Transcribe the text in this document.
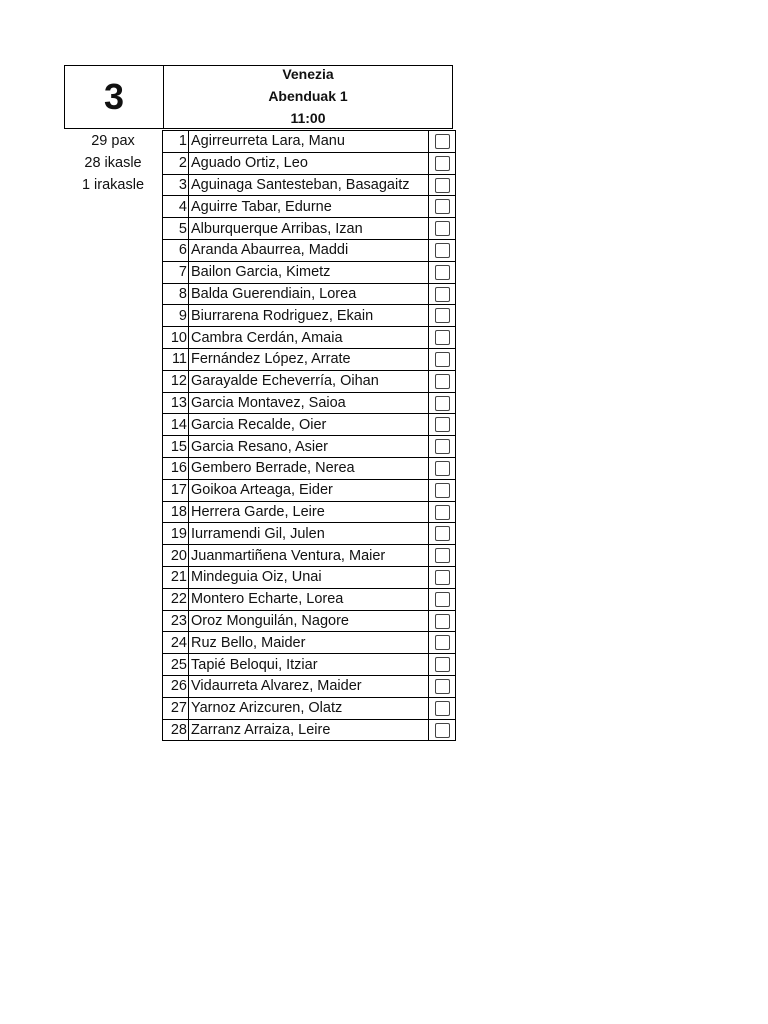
3
Venezia
Abenduak 1
11:00
29 pax
28 ikasle
1 irakasle
1	Agirreurreta Lara, Manu	
2	Aguado Ortiz, Leo	
3	Aguinaga Santesteban, Basagaitz	
4	Aguirre Tabar, Edurne	
5	Alburquerque Arribas, Izan	
6	Aranda Abaurrea, Maddi	
7	Bailon Garcia, Kimetz	
8	Balda Guerendiain, Lorea	
9	Biurrarena Rodriguez, Ekain	
10	Cambra Cerdán, Amaia	
11	Fernández López, Arrate	
12	Garayalde Echeverría, Oihan	
13	Garcia Montavez, Saioa	
14	Garcia Recalde, Oier	
15	Garcia Resano, Asier	
16	Gembero Berrade, Nerea	
17	Goikoa Arteaga, Eider	
18	Herrera Garde, Leire	
19	Iurramendi Gil, Julen	
20	Juanmartiñena Ventura, Maier	
21	Mindeguia Oiz, Unai	
22	Montero Echarte, Lorea	
23	Oroz Monguilán, Nagore	
24	Ruz Bello, Maider	
25	Tapié Beloqui, Itziar	
26	Vidaurreta Alvarez, Maider	
27	Yarnoz Arizcuren, Olatz	
28	Zarranz Arraiza, Leire	
